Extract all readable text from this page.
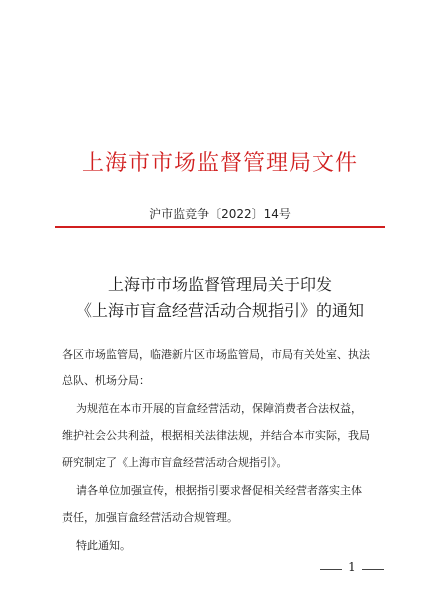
上海市市场监督管理局文件
沪市监竞争〔2022〕14号
上海市市场监督管理局关于印发
《上海市盲盒经营活动合规指引》的通知
各区市场监管局，临港新片区市场监管局，市局有关处室、执法
总队、机场分局：
为规范在本市开展的盲盒经营活动，保障消费者合法权益，
维护社会公共利益，根据相关法律法规，并结合本市实际，我局
研究制定了《上海市盲盒经营活动合规指引》。
请各单位加强宣传，根据指引要求督促相关经营者落实主体
责任，加强盲盒经营活动合规管理。
特此通知。
1
